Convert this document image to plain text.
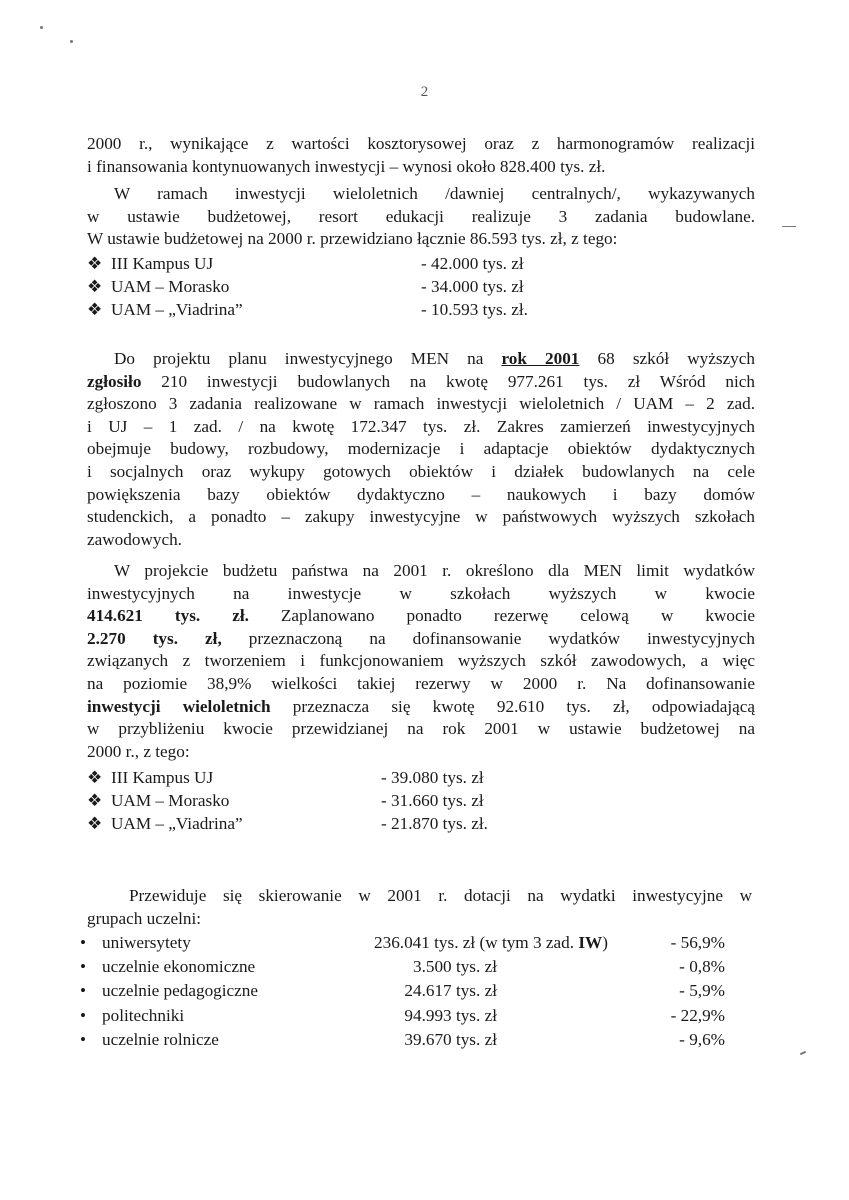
2
2000 r., wynikające z wartości kosztorysowej oraz z harmonogramów realizacji
i finansowania kontynuowanych inwestycji – wynosi około 828.400 tys. zł.
W ramach inwestycji wieloletnich /dawniej centralnych/, wykazywanych
w ustawie budżetowej, resort edukacji realizuje 3 zadania budowlane.
W ustawie budżetowej na 2000 r. przewidziano łącznie 86.593 tys. zł, z tego:
❖ III Kampus UJ	- 42.000 tys. zł
❖ UAM – Morasko	- 34.000 tys. zł
❖ UAM – „Viadrina”	- 10.593 tys. zł.
Do projektu planu inwestycyjnego MEN na rok 2001 68 szkół wyższych
zgłosiło 210 inwestycji budowlanych na kwotę 977.261 tys. zł Wśród nich
zgłoszono 3 zadania realizowane w ramach inwestycji wieloletnich / UAM – 2 zad.
i UJ – 1 zad. / na kwotę 172.347 tys. zł. Zakres zamierzeń inwestycyjnych
obejmuje budowy, rozbudowy, modernizacje i adaptacje obiektów dydaktycznych
i socjalnych oraz wykupy gotowych obiektów i działek budowlanych na cele
powiększenia bazy obiektów dydaktyczno – naukowych i bazy domów
studenckich, a ponadto – zakupy inwestycyjne w państwowych wyższych szkołach
zawodowych.
W projekcie budżetu państwa na 2001 r. określono dla MEN limit wydatków
inwestycyjnych na inwestycje w szkołach wyższych w kwocie
414.621 tys. zł. Zaplanowano ponadto rezerwę celową w kwocie
2.270 tys. zł, przeznaczoną na dofinansowanie wydatków inwestycyjnych
związanych z tworzeniem i funkcjonowaniem wyższych szkół zawodowych, a więc
na poziomie 38,9% wielkości takiej rezerwy w 2000 r. Na dofinansowanie
inwestycji wieloletnich przeznacza się kwotę 92.610 tys. zł, odpowiadającą
w przybliżeniu kwocie przewidzianej na rok 2001 w ustawie budżetowej na
2000 r., z tego:
❖ III Kampus UJ	- 39.080 tys. zł
❖ UAM – Morasko	- 31.660 tys. zł
❖ UAM – „Viadrina”	- 21.870 tys. zł.
Przewiduje się skierowanie w 2001 r. dotacji na wydatki inwestycyjne w
grupach uczelni:
• uniwersytety	236.041 tys. zł (w tym 3 zad. IW)	- 56,9%
• uczelnie ekonomiczne	3.500 tys. zł	- 0,8%
• uczelnie pedagogiczne	24.617 tys. zł	- 5,9%
• politechniki	94.993 tys. zł	- 22,9%
• uczelnie rolnicze	39.670 tys. zł	- 9,6%
